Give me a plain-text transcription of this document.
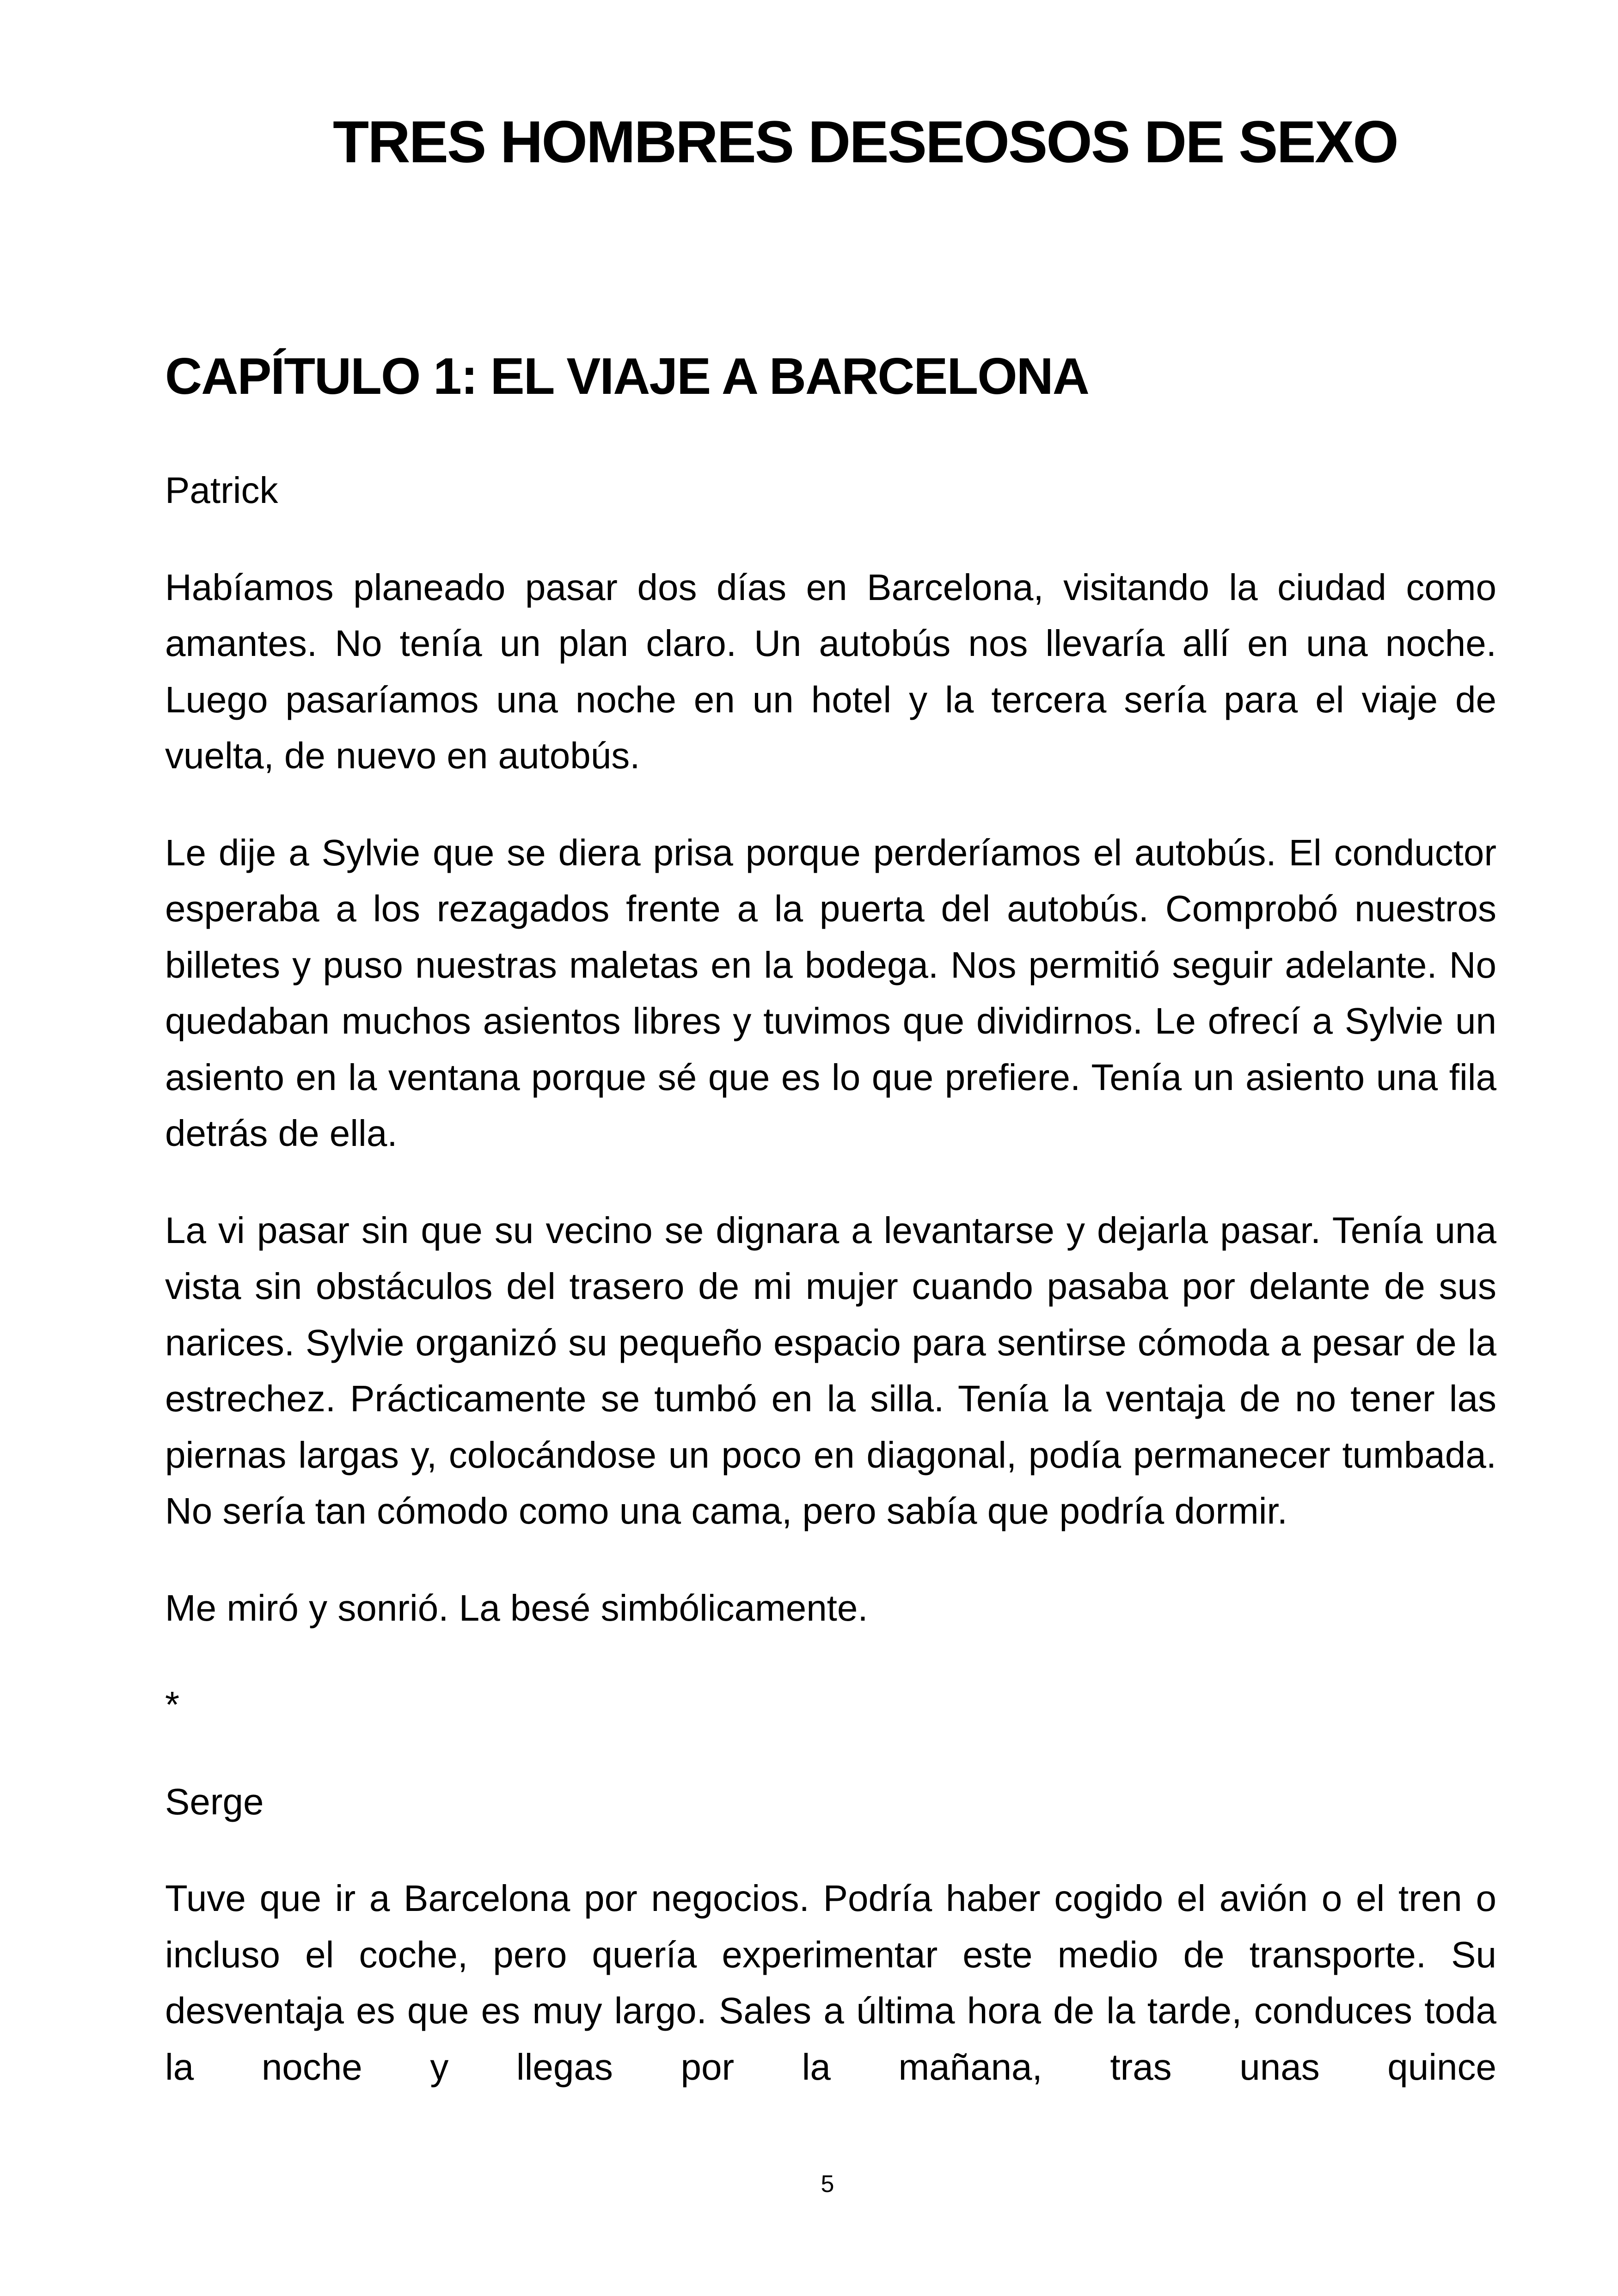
TRES HOMBRES DESEOSOS DE SEXO
CAPÍTULO 1: EL VIAJE A BARCELONA

Patrick

Habíamos planeado pasar dos días en Barcelona, visitando la ciudad como amantes. No tenía un plan claro. Un autobús nos llevaría allí en una noche. Luego pasaríamos una noche en un hotel y la tercera sería para el viaje de vuelta, de nuevo en autobús.

Le dije a Sylvie que se diera prisa porque perderíamos el autobús. El conductor esperaba a los rezagados frente a la puerta del autobús. Comprobó nuestros billetes y puso nuestras maletas en la bodega. Nos permitió seguir adelante. No quedaban muchos asientos libres y tuvimos que dividirnos. Le ofrecí a Sylvie un asiento en la ventana porque sé que es lo que prefiere. Tenía un asiento una fila detrás de ella.

La vi pasar sin que su vecino se dignara a levantarse y dejarla pasar. Tenía una vista sin obstáculos del trasero de mi mujer cuando pasaba por delante de sus narices. Sylvie organizó su pequeño espacio para sentirse cómoda a pesar de la estrechez. Prácticamente se tumbó en la silla. Tenía la ventaja de no tener las piernas largas y, colocándose un poco en diagonal, podía permanecer tumbada. No sería tan cómodo como una cama, pero sabía que podría dormir.

Me miró y sonrió. La besé simbólicamente.

*

Serge

Tuve que ir a Barcelona por negocios. Podría haber cogido el avión o el tren o incluso el coche, pero quería experimentar este medio de transporte. Su desventaja es que es muy largo. Sales a última hora de la tarde, conduces toda la noche y llegas por la mañana, tras unas quince

5
